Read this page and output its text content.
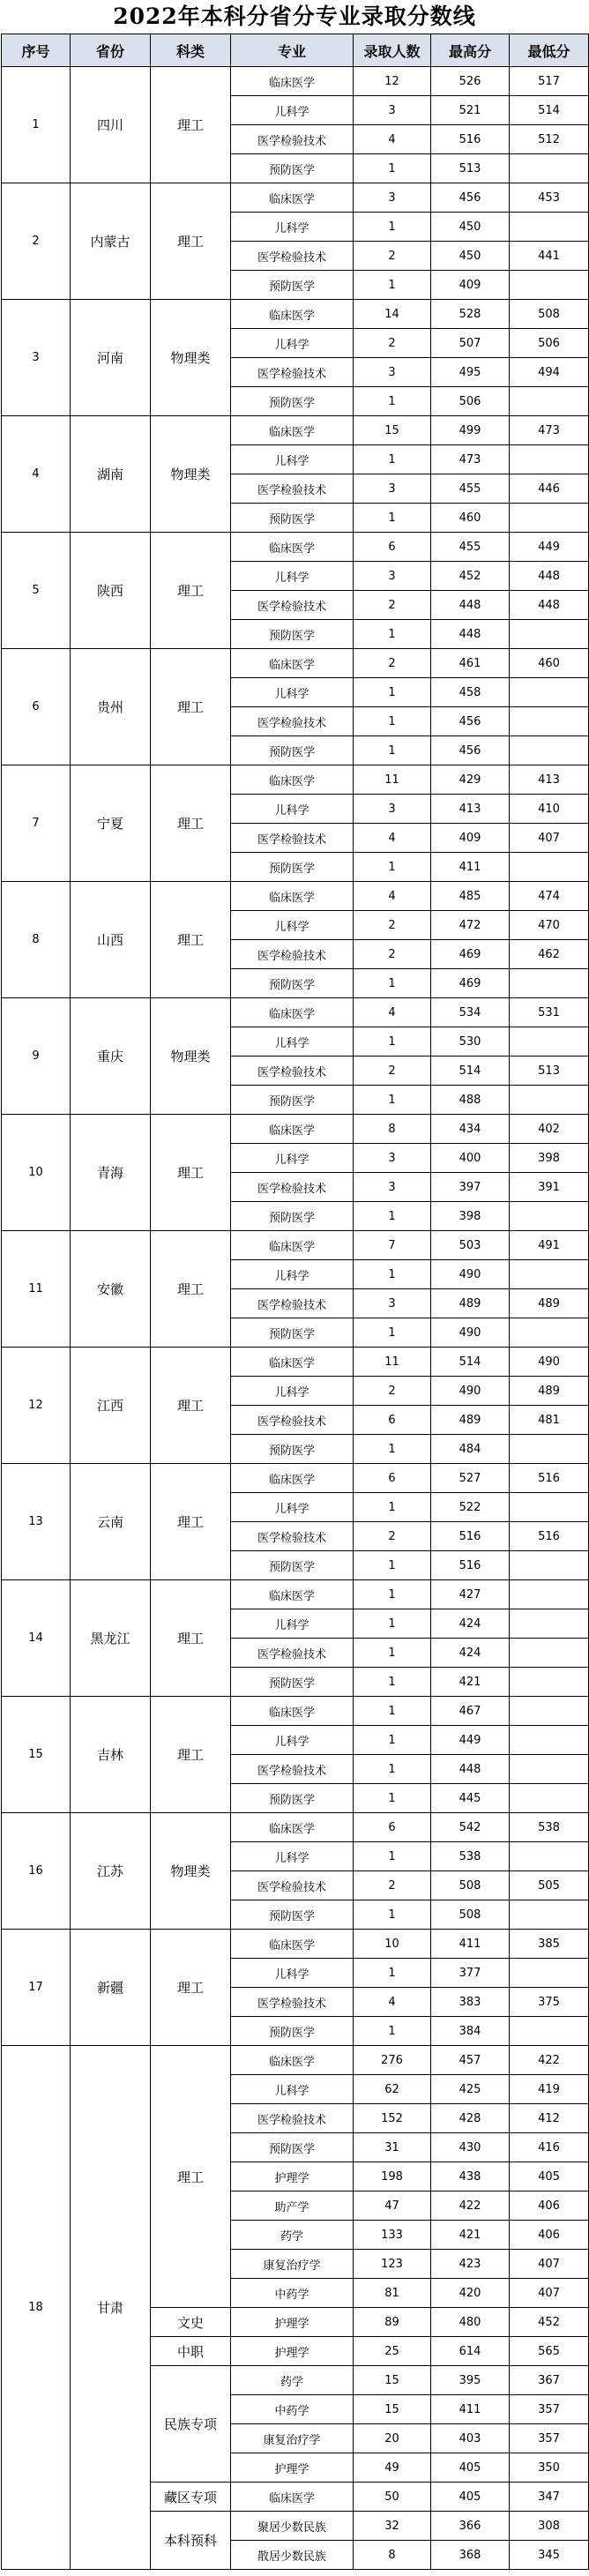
2022年本科分省分专业录取分数线
序号	省份	科类	专业	录取人数	最高分	最低分
1	四川	理工	临床医学	12	526	517
			儿科学	3	521	514
			医学检验技术	4	516	512
			预防医学	1	513	
2	内蒙古	理工	临床医学	3	456	453
			儿科学	1	450	
			医学检验技术	2	450	441
			预防医学	1	409	
3	河南	物理类	临床医学	14	528	508
			儿科学	2	507	506
			医学检验技术	3	495	494
			预防医学	1	506	
4	湖南	物理类	临床医学	15	499	473
			儿科学	1	473	
			医学检验技术	3	455	446
			预防医学	1	460	
5	陕西	理工	临床医学	6	455	449
			儿科学	3	452	448
			医学检验技术	2	448	448
			预防医学	1	448	
6	贵州	理工	临床医学	2	461	460
			儿科学	1	458	
			医学检验技术	1	456	
			预防医学	1	456	
7	宁夏	理工	临床医学	11	429	413
			儿科学	3	413	410
			医学检验技术	4	409	407
			预防医学	1	411	
8	山西	理工	临床医学	4	485	474
			儿科学	2	472	470
			医学检验技术	2	469	462
			预防医学	1	469	
9	重庆	物理类	临床医学	4	534	531
			儿科学	1	530	
			医学检验技术	2	514	513
			预防医学	1	488	
10	青海	理工	临床医学	8	434	402
			儿科学	3	400	398
			医学检验技术	3	397	391
			预防医学	1	398	
11	安徽	理工	临床医学	7	503	491
			儿科学	1	490	
			医学检验技术	3	489	489
			预防医学	1	490	
12	江西	理工	临床医学	11	514	490
			儿科学	2	490	489
			医学检验技术	6	489	481
			预防医学	1	484	
13	云南	理工	临床医学	6	527	516
			儿科学	1	522	
			医学检验技术	2	516	516
			预防医学	1	516	
14	黑龙江	理工	临床医学	1	427	
			儿科学	1	424	
			医学检验技术	1	424	
			预防医学	1	421	
15	吉林	理工	临床医学	1	467	
			儿科学	1	449	
			医学检验技术	1	448	
			预防医学	1	445	
16	江苏	物理类	临床医学	6	542	538
			儿科学	1	538	
			医学检验技术	2	508	505
			预防医学	1	508	
17	新疆	理工	临床医学	10	411	385
			儿科学	1	377	
			医学检验技术	4	383	375
			预防医学	1	384	
18	甘肃	理工	临床医学	276	457	422
			儿科学	62	425	419
			医学检验技术	152	428	412
			预防医学	31	430	416
			护理学	198	438	405
			助产学	47	422	406
			药学	133	421	406
			康复治疗学	123	423	407
			中药学	81	420	407
		文史	护理学	89	480	452
		中职	护理学	25	614	565
		民族专项	药学	15	395	367
			中药学	15	411	357
			康复治疗学	20	403	357
			护理学	49	405	350
		藏区专项	临床医学	50	405	347
		本科预科	聚居少数民族	32	366	308
			散居少数民族	8	368	345
